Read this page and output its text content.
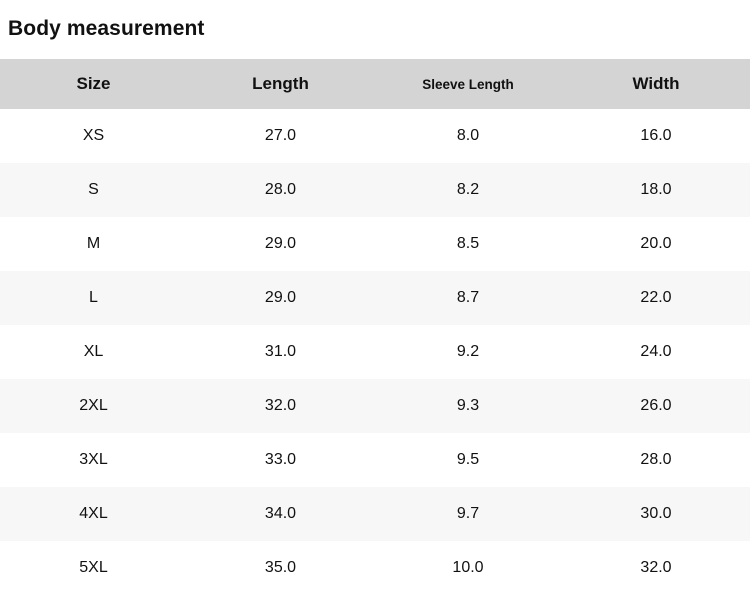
Body measurement
Size	Length	Sleeve Length	Width
XS	27.0	8.0	16.0
S	28.0	8.2	18.0
M	29.0	8.5	20.0
L	29.0	8.7	22.0
XL	31.0	9.2	24.0
2XL	32.0	9.3	26.0
3XL	33.0	9.5	28.0
4XL	34.0	9.7	30.0
5XL	35.0	10.0	32.0
